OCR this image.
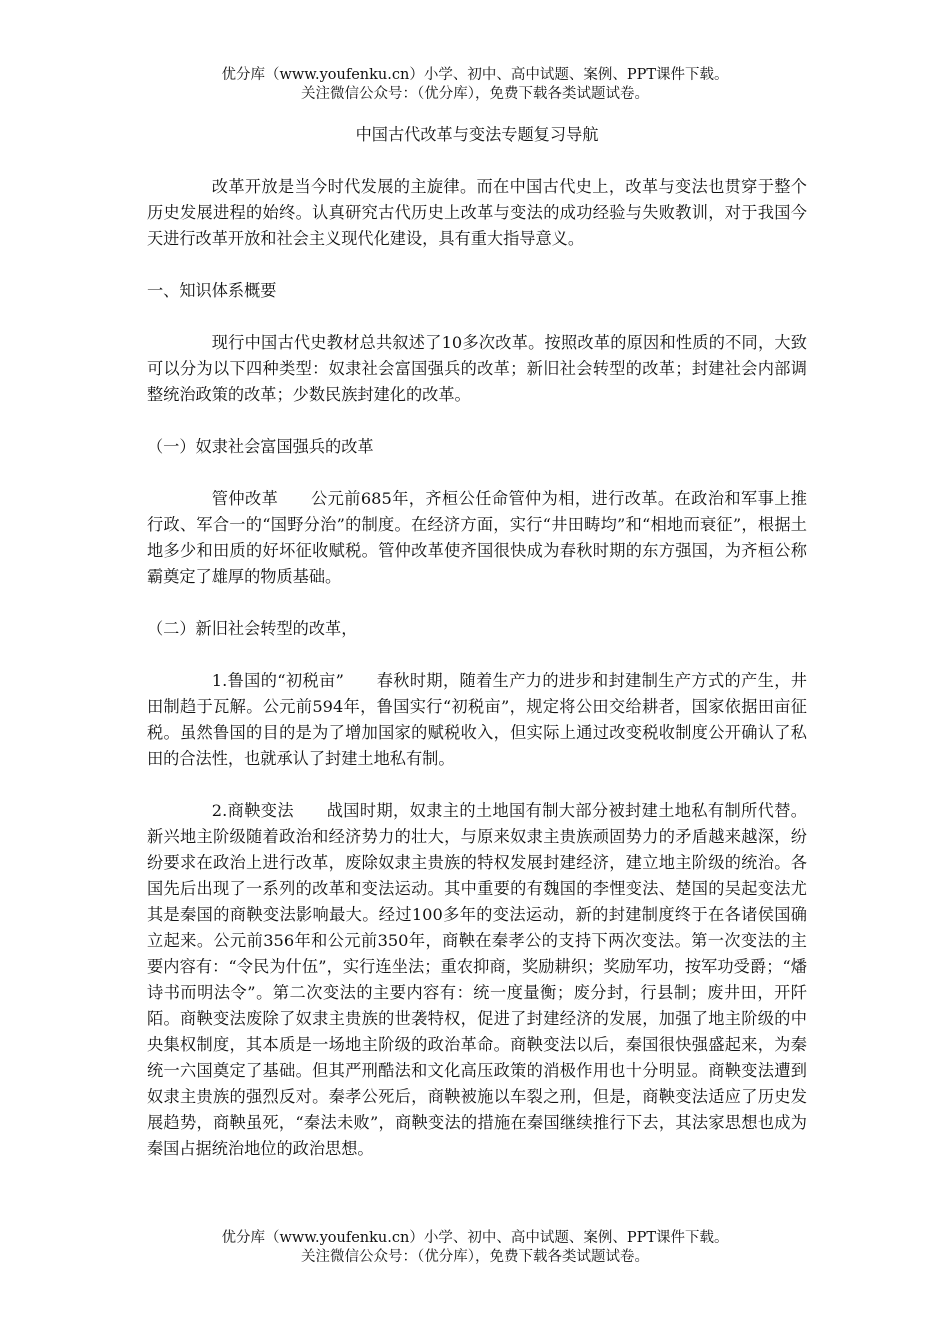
优分库（www.youfenku.cn）小学、初中、高中试题、案例、PPT课件下载。
关注微信公众号：（优分库），免费下载各类试题试卷。
中国古代改革与变法专题复习导航

改革开放是当今时代发展的主旋律。而在中国古代史上，改革与变法也贯穿于整个历史发展进程的始终。认真研究古代历史上改革与变法的成功经验与失败教训，对于我国今天进行改革开放和社会主义现代化建设，具有重大指导意义。

一、知识体系概要

现行中国古代史教材总共叙述了10多次改革。按照改革的原因和性质的不同，大致可以分为以下四种类型：奴隶社会富国强兵的改革；新旧社会转型的改革；封建社会内部调整统治政策的改革；少数民族封建化的改革。

（一）奴隶社会富国强兵的改革

管仲改革 公元前685年，齐桓公任命管仲为相，进行改革。在政治和军事上推行政、军合一的“国野分治”的制度。在经济方面，实行“井田畴均”和“相地而衰征”，根据土地多少和田质的好坏征收赋税。管仲改革使齐国很快成为春秋时期的东方强国，为齐桓公称霸奠定了雄厚的物质基础。

（二）新旧社会转型的改革，

1.鲁国的“初税亩” 春秋时期，随着生产力的进步和封建制生产方式的产生，井田制趋于瓦解。公元前594年，鲁国实行“初税亩”，规定将公田交给耕者，国家依据田亩征税。虽然鲁国的目的是为了增加国家的赋税收入，但实际上通过改变税收制度公开确认了私田的合法性，也就承认了封建土地私有制。

2.商鞅变法 战国时期，奴隶主的土地国有制大部分被封建土地私有制所代替。新兴地主阶级随着政治和经济势力的壮大，与原来奴隶主贵族顽固势力的矛盾越来越深，纷纷要求在政治上进行改革，废除奴隶主贵族的特权发展封建经济，建立地主阶级的统治。各国先后出现了一系列的改革和变法运动。其中重要的有魏国的李悝变法、楚国的吴起变法尤其是秦国的商鞅变法影响最大。经过100多年的变法运动，新的封建制度终于在各诸侯国确立起来。公元前356年和公元前350年，商鞅在秦孝公的支持下两次变法。第一次变法的主要内容有：“令民为什伍”，实行连坐法；重农抑商，奖励耕织；奖励军功，按军功受爵；“燔诗书而明法令”。第二次变法的主要内容有：统一度量衡；废分封，行县制；废井田，开阡陌。商鞅变法废除了奴隶主贵族的世袭特权，促进了封建经济的发展，加强了地主阶级的中央集权制度，其本质是一场地主阶级的政治革命。商鞅变法以后，秦国很快强盛起来，为秦统一六国奠定了基础。但其严刑酷法和文化高压政策的消极作用也十分明显。商鞅变法遭到奴隶主贵族的强烈反对。秦孝公死后，商鞅被施以车裂之刑，但是，商鞅变法适应了历史发展趋势，商鞅虽死，“秦法未败”，商鞅变法的措施在秦国继续推行下去，其法家思想也成为秦国占据统治地位的政治思想。

优分库（www.youfenku.cn）小学、初中、高中试题、案例、PPT课件下载。
关注微信公众号：（优分库），免费下载各类试题试卷。
